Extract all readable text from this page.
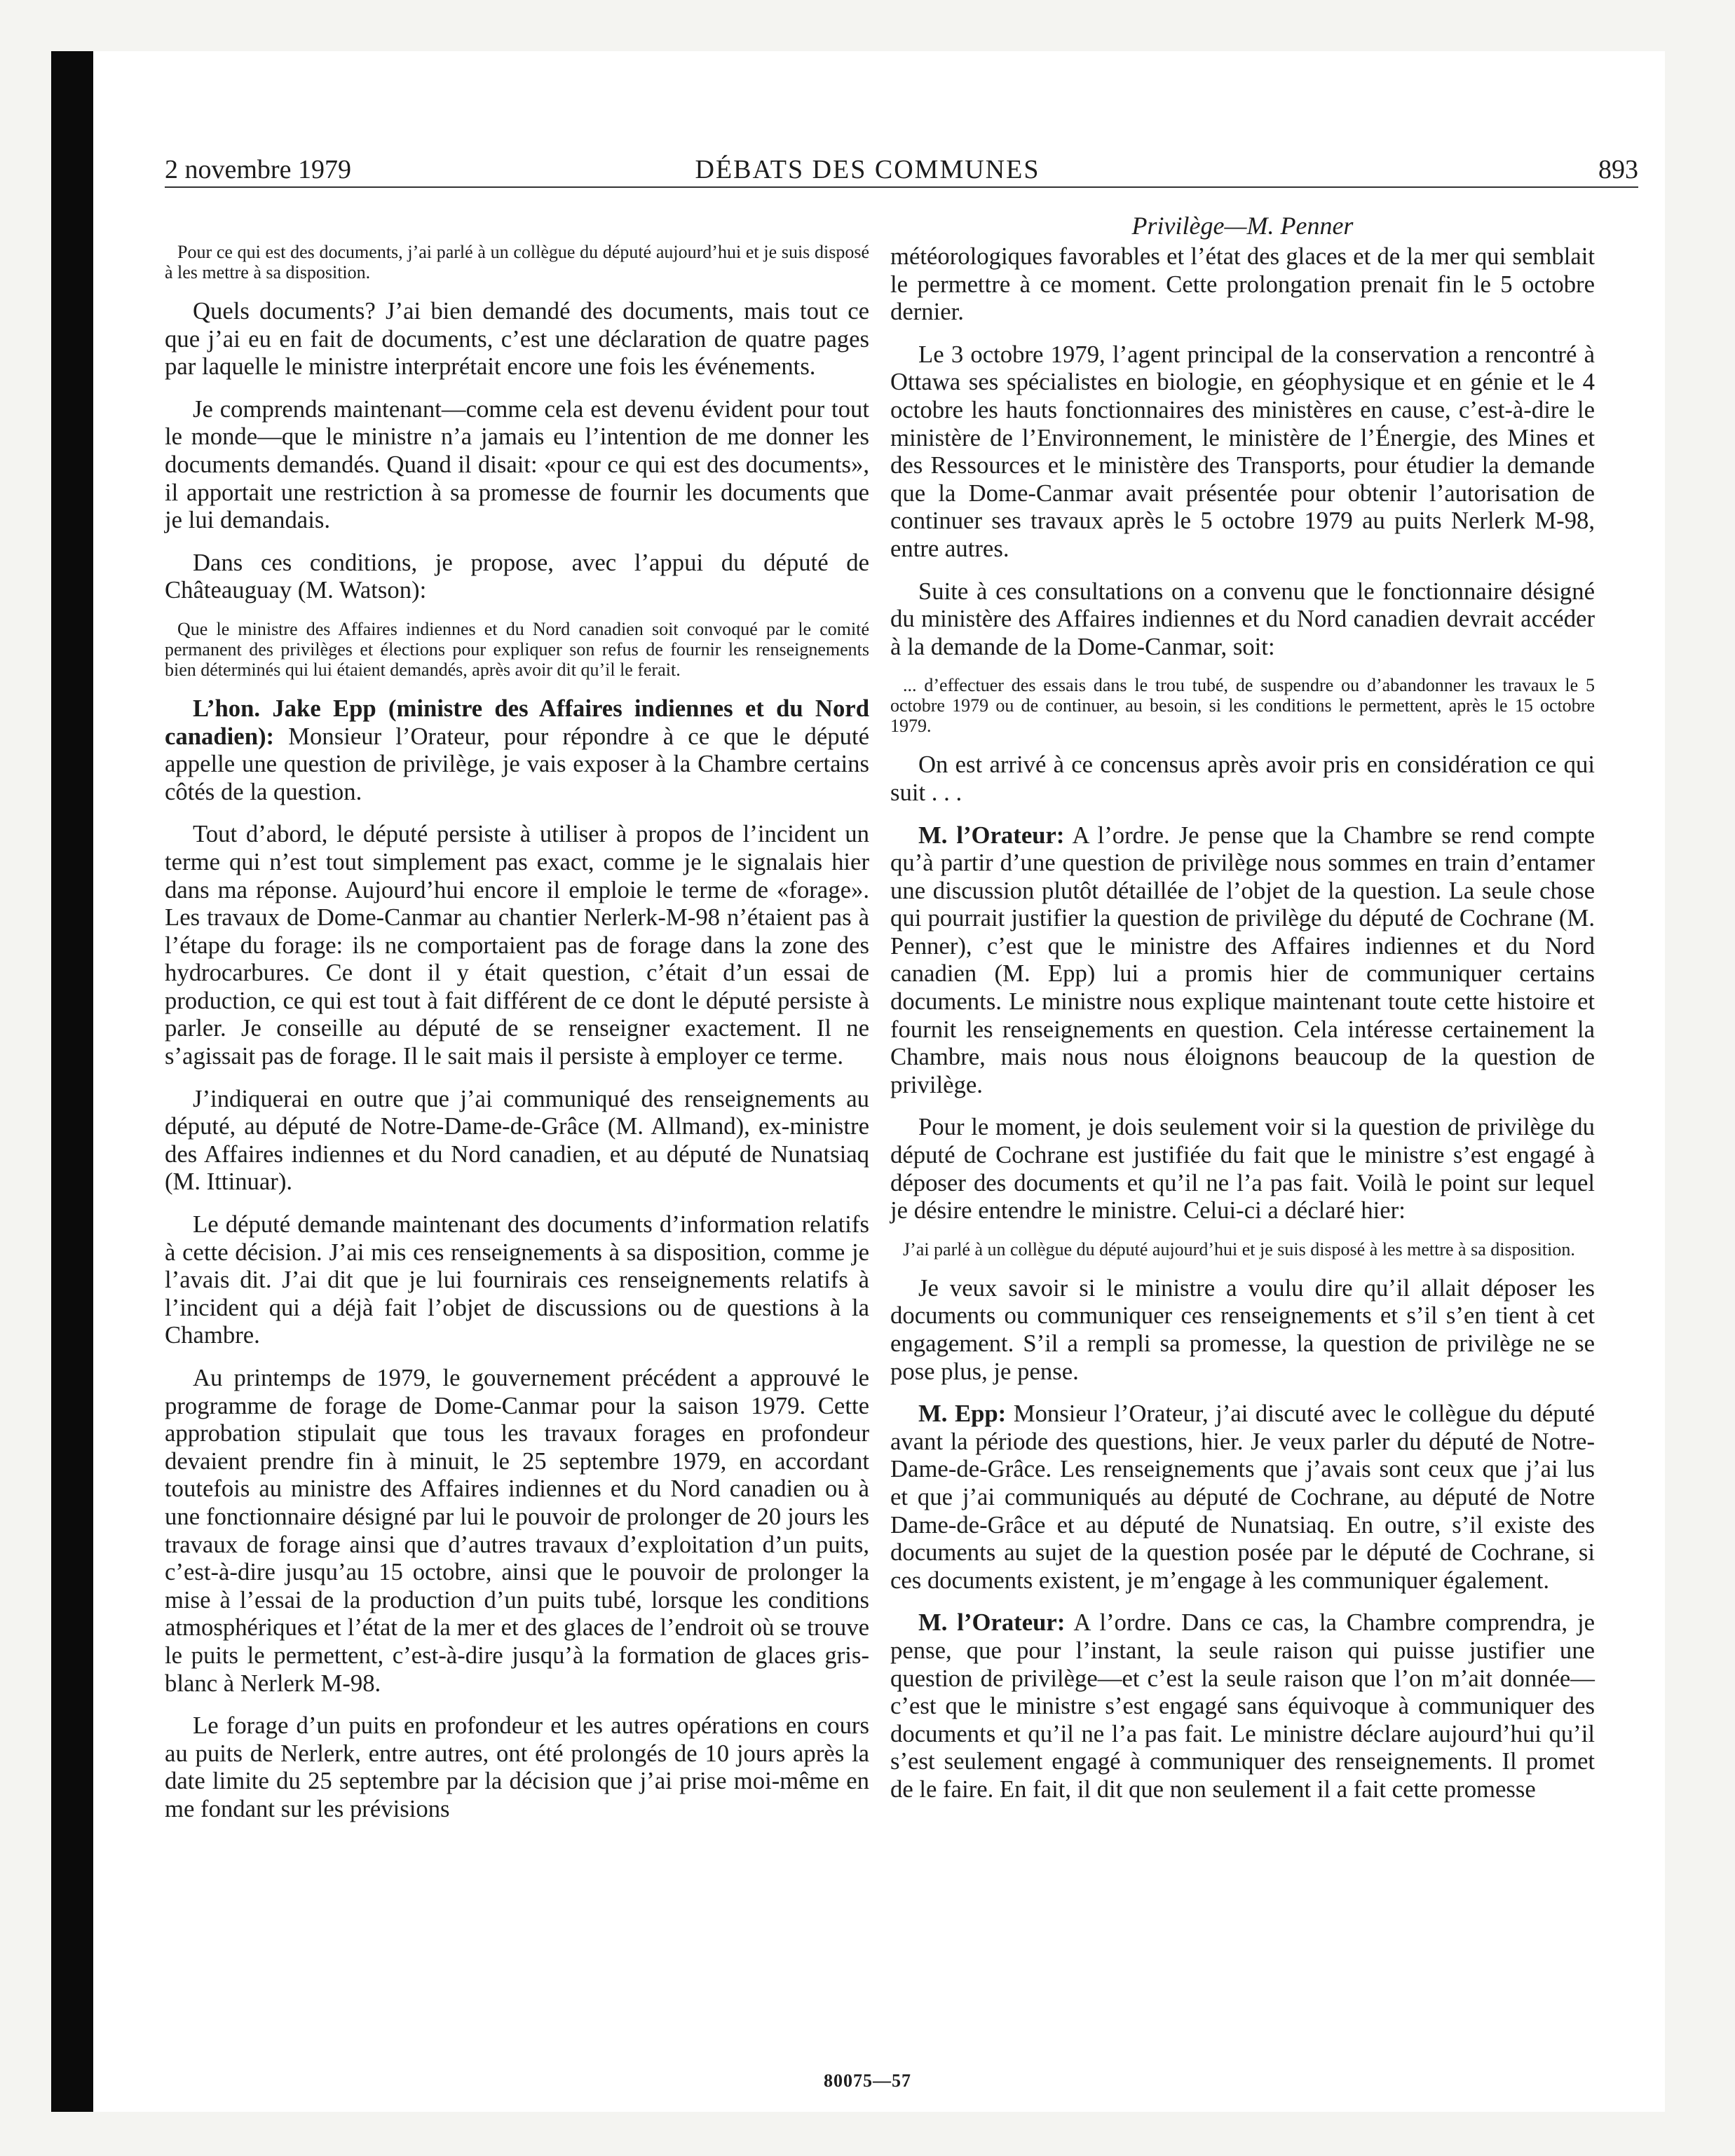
2 novembre 1979	DÉBATS DES COMMUNES	893

Pour ce qui est des documents, j’ai parlé à un collègue du député aujourd’hui et je suis disposé à les mettre à sa disposition.

Quels documents? J’ai bien demandé des documents, mais tout ce que j’ai eu en fait de documents, c’est une déclaration de quatre pages par laquelle le ministre interprétait encore une fois les événements.

Je comprends maintenant—comme cela est devenu évident pour tout le monde—que le ministre n’a jamais eu l’intention de me donner les documents demandés. Quand il disait: «pour ce qui est des documents», il apportait une restriction à sa promesse de fournir les documents que je lui demandais.

Dans ces conditions, je propose, avec l’appui du député de Châteauguay (M. Watson):

Que le ministre des Affaires indiennes et du Nord canadien soit convoqué par le comité permanent des privilèges et élections pour expliquer son refus de fournir les renseignements bien déterminés qui lui étaient demandés, après avoir dit qu’il le ferait.

L’hon. Jake Epp (ministre des Affaires indiennes et du Nord canadien): Monsieur l’Orateur, pour répondre à ce que le député appelle une question de privilège, je vais exposer à la Chambre certains côtés de la question.

Tout d’abord, le député persiste à utiliser à propos de l’incident un terme qui n’est tout simplement pas exact, comme je le signalais hier dans ma réponse. Aujourd’hui encore il emploie le terme de «forage». Les travaux de Dome-Canmar au chantier Nerlerk-M-98 n’étaient pas à l’étape du forage: ils ne comportaient pas de forage dans la zone des hydrocarbures. Ce dont il y était question, c’était d’un essai de production, ce qui est tout à fait différent de ce dont le député persiste à parler. Je conseille au député de se renseigner exactement. Il ne s’agissait pas de forage. Il le sait mais il persiste à employer ce terme.

J’indiquerai en outre que j’ai communiqué des renseignements au député, au député de Notre-Dame-de-Grâce (M. Allmand), ex-ministre des Affaires indiennes et du Nord canadien, et au député de Nunatsiaq (M. Ittinuar).

Le député demande maintenant des documents d’information relatifs à cette décision. J’ai mis ces renseignements à sa disposition, comme je l’avais dit. J’ai dit que je lui fournirais ces renseignements relatifs à l’incident qui a déjà fait l’objet de discussions ou de questions à la Chambre.

Au printemps de 1979, le gouvernement précédent a approuvé le programme de forage de Dome-Canmar pour la saison 1979. Cette approbation stipulait que tous les travaux forages en profondeur devaient prendre fin à minuit, le 25 septembre 1979, en accordant toutefois au ministre des Affaires indiennes et du Nord canadien ou à une fonctionnaire désigné par lui le pouvoir de prolonger de 20 jours les travaux de forage ainsi que d’autres travaux d’exploitation d’un puits, c’est-à-dire jusqu’au 15 octobre, ainsi que le pouvoir de prolonger la mise à l’essai de la production d’un puits tubé, lorsque les conditions atmosphériques et l’état de la mer et des glaces de l’endroit où se trouve le puits le permettent, c’est-à-dire jusqu’à la formation de glaces gris-blanc à Nerlerk M-98.

Le forage d’un puits en profondeur et les autres opérations en cours au puits de Nerlerk, entre autres, ont été prolongés de 10 jours après la date limite du 25 septembre par la décision que j’ai prise moi-même en me fondant sur les prévisions

Privilège—M. Penner

météorologiques favorables et l’état des glaces et de la mer qui semblait le permettre à ce moment. Cette prolongation prenait fin le 5 octobre dernier.

Le 3 octobre 1979, l’agent principal de la conservation a rencontré à Ottawa ses spécialistes en biologie, en géophysique et en génie et le 4 octobre les hauts fonctionnaires des ministères en cause, c’est-à-dire le ministère de l’Environnement, le ministère de l’Énergie, des Mines et des Ressources et le ministère des Transports, pour étudier la demande que la Dome-Canmar avait présentée pour obtenir l’autorisation de continuer ses travaux après le 5 octobre 1979 au puits Nerlerk M-98, entre autres.

Suite à ces consultations on a convenu que le fonctionnaire désigné du ministère des Affaires indiennes et du Nord canadien devrait accéder à la demande de la Dome-Canmar, soit:

... d’effectuer des essais dans le trou tubé, de suspendre ou d’abandonner les travaux le 5 octobre 1979 ou de continuer, au besoin, si les conditions le permettent, après le 15 octobre 1979.

On est arrivé à ce concensus après avoir pris en considération ce qui suit . . .

M. l’Orateur: A l’ordre. Je pense que la Chambre se rend compte qu’à partir d’une question de privilège nous sommes en train d’entamer une discussion plutôt détaillée de l’objet de la question. La seule chose qui pourrait justifier la question de privilège du député de Cochrane (M. Penner), c’est que le ministre des Affaires indiennes et du Nord canadien (M. Epp) lui a promis hier de communiquer certains documents. Le ministre nous explique maintenant toute cette histoire et fournit les renseignements en question. Cela intéresse certainement la Chambre, mais nous nous éloignons beaucoup de la question de privilège.

Pour le moment, je dois seulement voir si la question de privilège du député de Cochrane est justifiée du fait que le ministre s’est engagé à déposer des documents et qu’il ne l’a pas fait. Voilà le point sur lequel je désire entendre le ministre. Celui-ci a déclaré hier:

J’ai parlé à un collègue du député aujourd’hui et je suis disposé à les mettre à sa disposition.

Je veux savoir si le ministre a voulu dire qu’il allait déposer les documents ou communiquer ces renseignements et s’il s’en tient à cet engagement. S’il a rempli sa promesse, la question de privilège ne se pose plus, je pense.

M. Epp: Monsieur l’Orateur, j’ai discuté avec le collègue du député avant la période des questions, hier. Je veux parler du député de Notre-Dame-de-Grâce. Les renseignements que j’avais sont ceux que j’ai lus et que j’ai communiqués au député de Cochrane, au député de Notre Dame-de-Grâce et au député de Nunatsiaq. En outre, s’il existe des documents au sujet de la question posée par le député de Cochrane, si ces documents existent, je m’engage à les communiquer également.

M. l’Orateur: A l’ordre. Dans ce cas, la Chambre comprendra, je pense, que pour l’instant, la seule raison qui puisse justifier une question de privilège—et c’est la seule raison que l’on m’ait donnée—c’est que le ministre s’est engagé sans équivoque à communiquer des documents et qu’il ne l’a pas fait. Le ministre déclare aujourd’hui qu’il s’est seulement engagé à communiquer des renseignements. Il promet de le faire. En fait, il dit que non seulement il a fait cette promesse

80075—57
